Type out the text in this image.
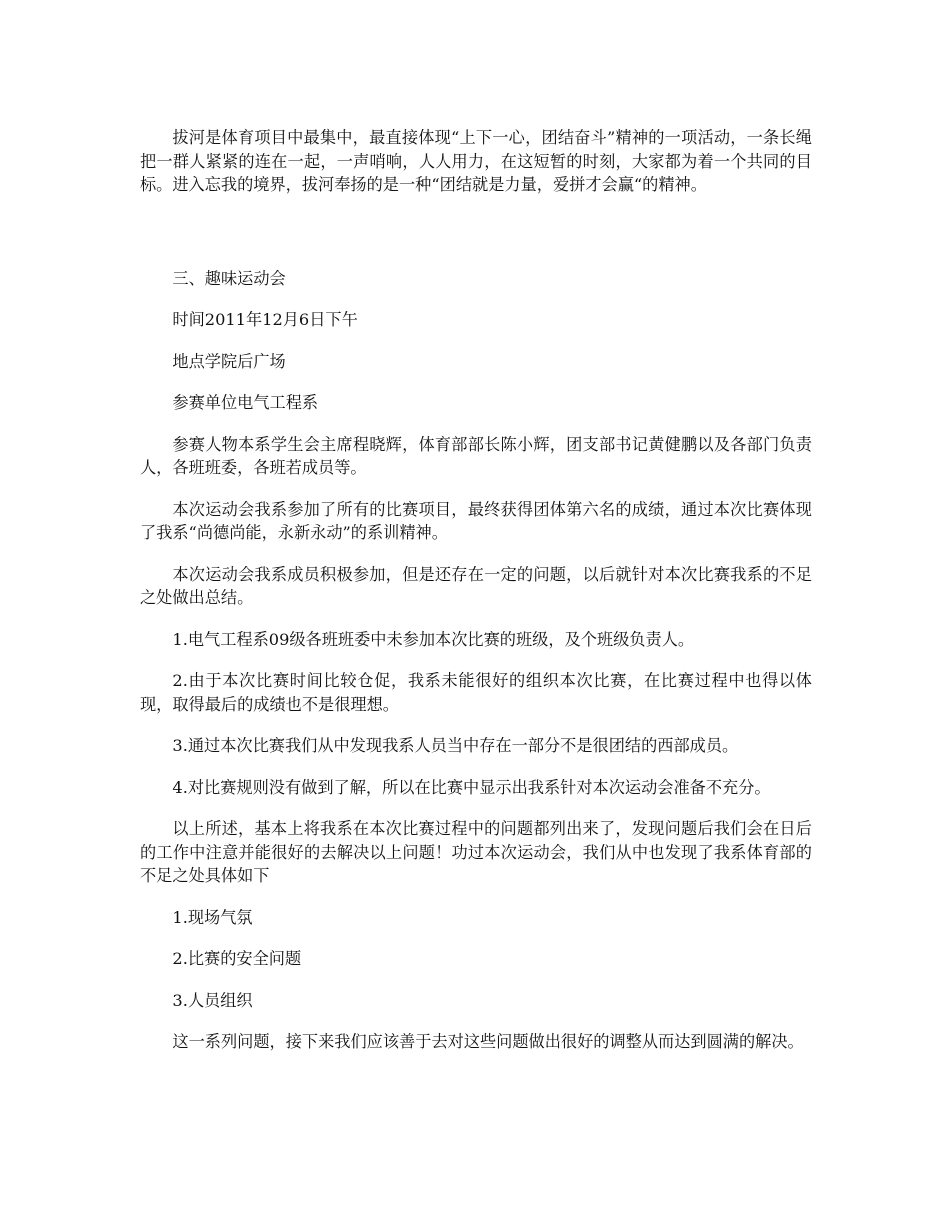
拔河是体育项目中最集中，最直接体现“上下一心，团结奋斗”精神的一项活动，一条长绳把一群人紧紧的连在一起，一声哨响，人人用力，在这短暂的时刻，大家都为着一个共同的目标。进入忘我的境界，拔河奉扬的是一种“团结就是力量，爱拼才会赢“的精神。

三、趣味运动会

时间2011年12月6日下午

地点学院后广场

参赛单位电气工程系

参赛人物本系学生会主席程晓辉，体育部部长陈小辉，团支部书记黄健鹏以及各部门负责人，各班班委，各班若成员等。

本次运动会我系参加了所有的比赛项目，最终获得团体第六名的成绩，通过本次比赛体现了我系“尚德尚能，永新永动”的系训精神。

本次运动会我系成员积极参加，但是还存在一定的问题，以后就针对本次比赛我系的不足之处做出总结。

1.电气工程系09级各班班委中未参加本次比赛的班级，及个班级负责人。

2.由于本次比赛时间比较仓促，我系未能很好的组织本次比赛，在比赛过程中也得以体现，取得最后的成绩也不是很理想。

3.通过本次比赛我们从中发现我系人员当中存在一部分不是很团结的西部成员。

4.对比赛规则没有做到了解，所以在比赛中显示出我系针对本次运动会准备不充分。

以上所述，基本上将我系在本次比赛过程中的问题都列出来了，发现问题后我们会在日后的工作中注意并能很好的去解决以上问题！功过本次运动会，我们从中也发现了我系体育部的不足之处具体如下

1.现场气氛

2.比赛的安全问题

3.人员组织

这一系列问题，接下来我们应该善于去对这些问题做出很好的调整从而达到圆满的解决。
